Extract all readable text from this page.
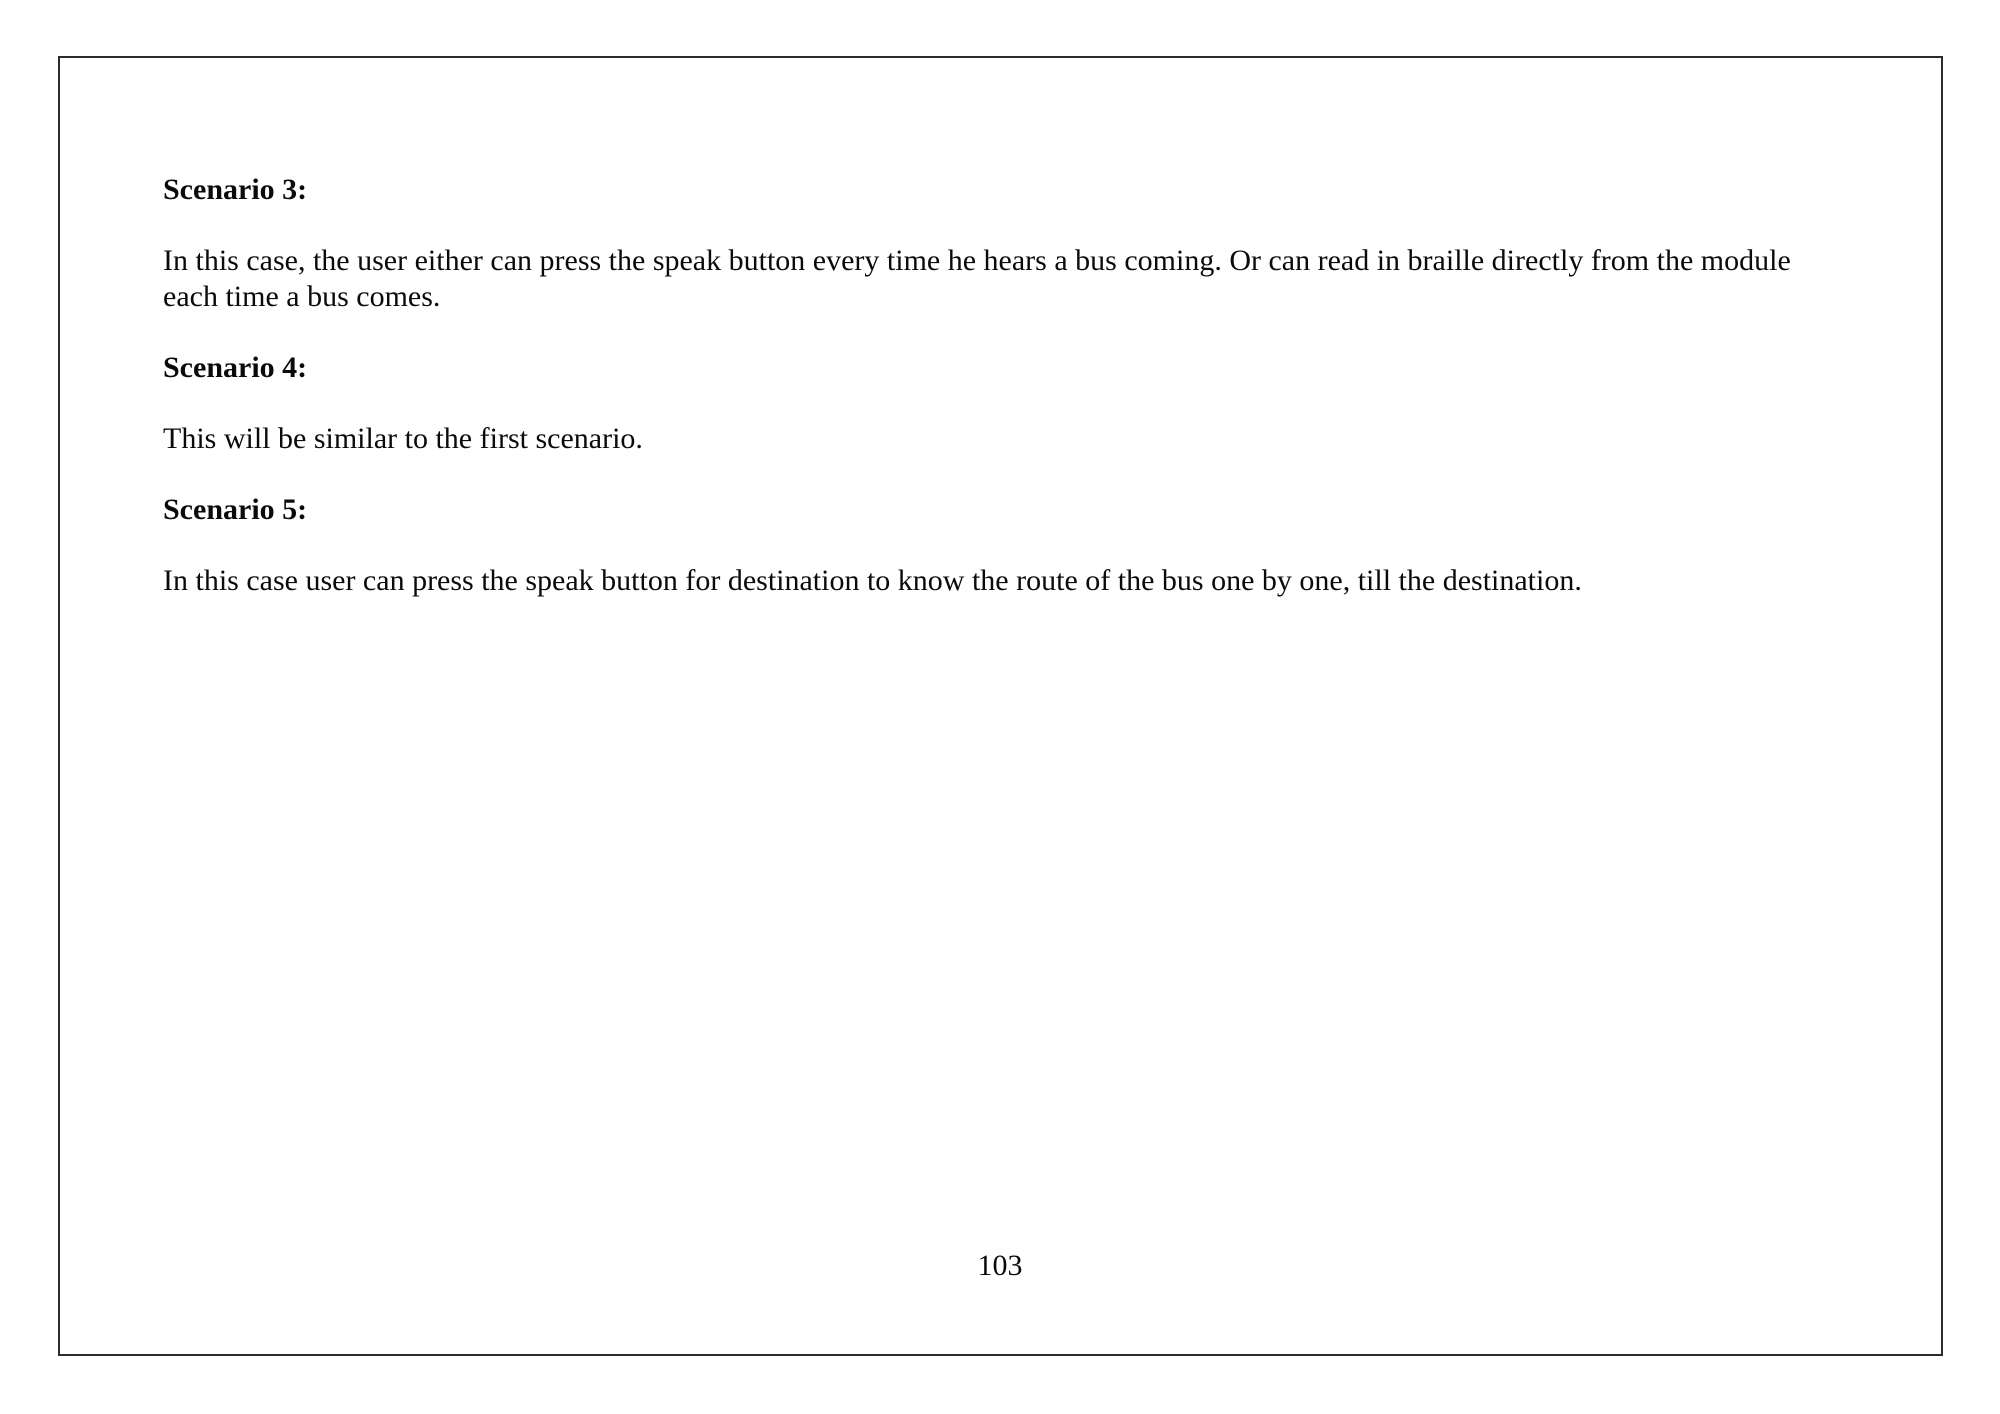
Scenario 3:

In this case, the user either can press the speak button every time he hears a bus coming. Or can read in braille directly from the module each time a bus comes.

Scenario 4:

This will be similar to the first scenario.

Scenario 5:

In this case user can press the speak button for destination to know the route of the bus one by one, till the destination.

103
